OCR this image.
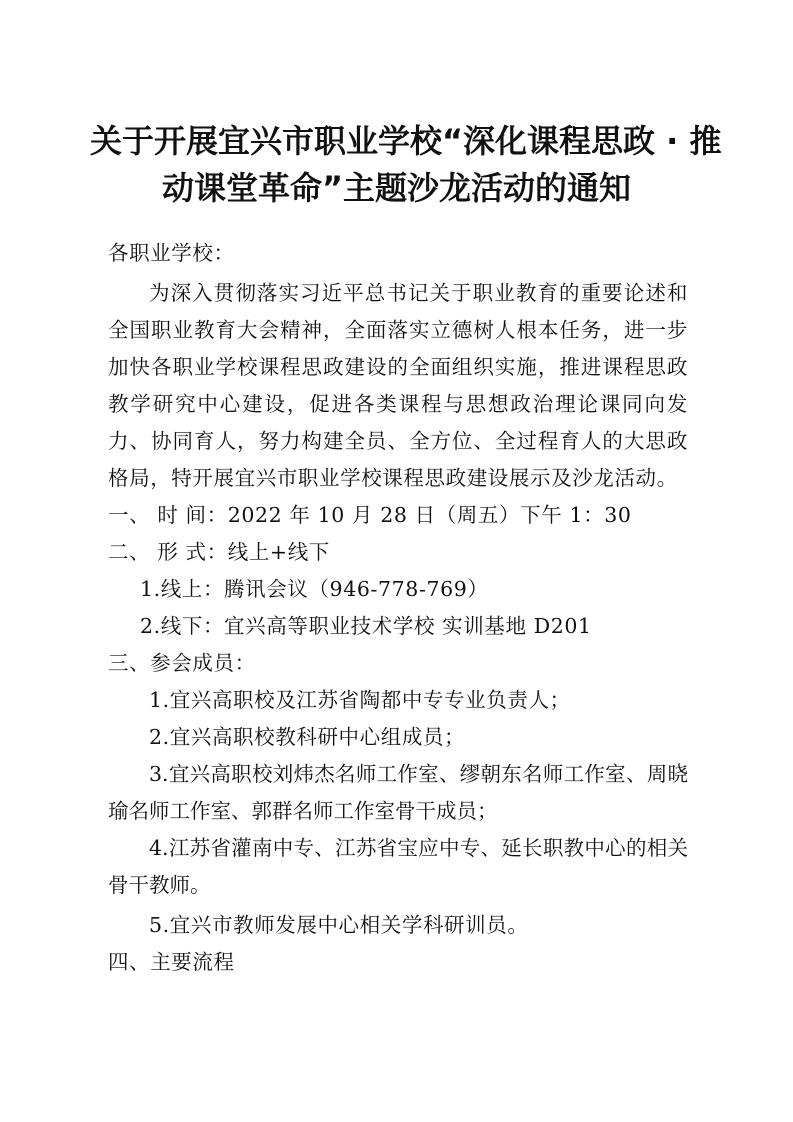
关于开展宜兴市职业学校“深化课程思政 · 推
动课堂革命”主题沙龙活动的通知
各职业学校：
为深入贯彻落实习近平总书记关于职业教育的重要论述和全国职业教育大会精神，全面落实立德树人根本任务，进一步加快各职业学校课程思政建设的全面组织实施，推进课程思政教学研究中心建设，促进各类课程与思想政治理论课同向发力、协同育人，努力构建全员、全方位、全过程育人的大思政格局，特开展宜兴市职业学校课程思政建设展示及沙龙活动。
一、 时 间：2022 年 10 月 28 日（周五）下午 1：30
二、 形 式：线上+线下
1.线上：腾讯会议（946-778-769）
2.线下：宜兴高等职业技术学校 实训基地 D201
三、参会成员：
1.宜兴高职校及江苏省陶都中专专业负责人；
2.宜兴高职校教科研中心组成员；
3.宜兴高职校刘炜杰名师工作室、缪朝东名师工作室、周晓瑜名师工作室、郭群名师工作室骨干成员；
4.江苏省灌南中专、江苏省宝应中专、延长职教中心的相关骨干教师。
5.宜兴市教师发展中心相关学科研训员。
四、主要流程
